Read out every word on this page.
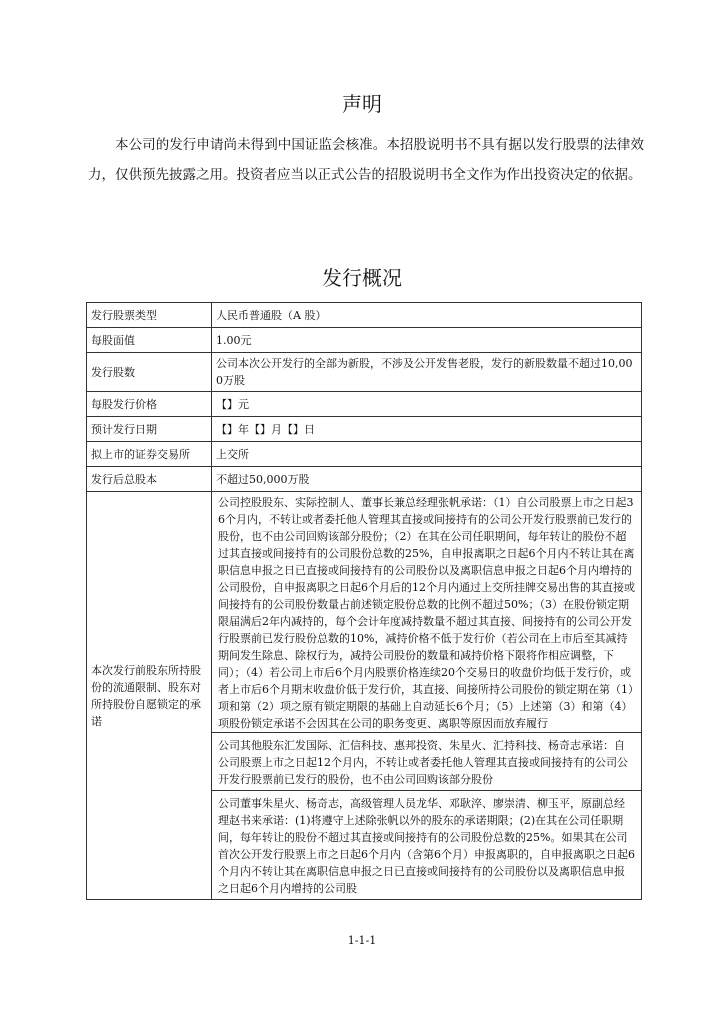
声明

本公司的发行申请尚未得到中国证监会核准。本招股说明书不具有据以发行股票的法律效力，仅供预先披露之用。投资者应当以正式公告的招股说明书全文作为作出投资决定的依据。

发行概况
发行股票类型	人民币普通股（A 股）
每股面值	1.00元
发行股数	公司本次公开发行的全部为新股，不涉及公开发售老股，发行的新股数量不超过10,000万股
每股发行价格	【】元
预计发行日期	【】年【】月【】日
拟上市的证券交易所	上交所
发行后总股本	不超过50,000万股
本次发行前股东所持股份的流通限制、股东对所持股份自愿锁定的承诺	公司控股股东、实际控制人、董事长兼总经理张帆承诺：（1）自公司股票上市之日起36个月内，不转让或者委托他人管理其直接或间接持有的公司公开发行股票前已发行的股份，也不由公司回购该部分股份；（2）在其在公司任职期间，每年转让的股份不超过其直接或间接持有的公司股份总数的25%，自申报离职之日起6个月内不转让其在离职信息申报之日已直接或间接持有的公司股份以及离职信息申报之日起6个月内增持的公司股份，自申报离职之日起6个月后的12个月内通过上交所挂牌交易出售的其直接或间接持有的公司股份数量占前述锁定股份总数的比例不超过50%；（3）在股份锁定期限届满后2年内减持的，每个会计年度减持数量不超过其直接、间接持有的公司公开发行股票前已发行股份总数的10%，减持价格不低于发行价（若公司在上市后至其减持期间发生除息、除权行为，减持公司股份的数量和减持价格下限将作相应调整，下同）；（4）若公司上市后6个月内股票价格连续20个交易日的收盘价均低于发行价，或者上市后6个月期末收盘价低于发行价，其直接、间接所持公司股份的锁定期在第（1）项和第（2）项之原有锁定期限的基础上自动延长6个月；（5）上述第（3）和第（4）项股份锁定承诺不会因其在公司的职务变更、离职等原因而放弃履行
公司其他股东汇发国际、汇信科技、惠邦投资、朱星火、汇持科技、杨奇志承诺：自公司股票上市之日起12个月内，不转让或者委托他人管理其直接或间接持有的公司公开发行股票前已发行的股份，也不由公司回购该部分股份
公司董事朱星火、杨奇志，高级管理人员龙华、邓耿淬、廖崇清、柳玉平，原副总经理赵书来承诺：(1)将遵守上述除张帆以外的股东的承诺期限；(2)在其在公司任职期间，每年转让的股份不超过其直接或间接持有的公司股份总数的25%。如果其在公司首次公开发行股票上市之日起6个月内（含第6个月）申报离职的，自申报离职之日起6个月内不转让其在离职信息申报之日已直接或间接持有的公司股份以及离职信息申报之日起6个月内增持的公司股
1-1-1
